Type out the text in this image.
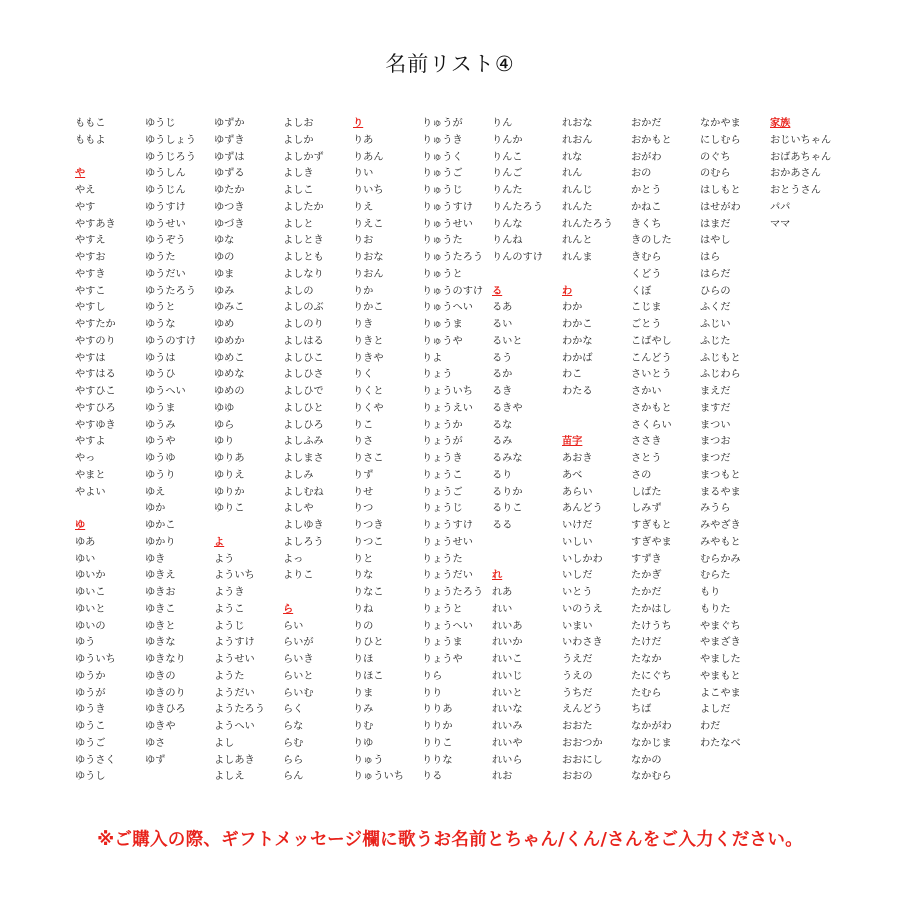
名前リスト④
ももこ
ももよ
や
やえ
やす
やすあき
やすえ
やすお
やすき
やすこ
やすし
やすたか
やすのり
やすは
やすはる
やすひこ
やすひろ
やすゆき
やすよ
やっ
やまと
やよい
ゆ
ゆあ
ゆい
ゆいか
ゆいこ
ゆいと
ゆいの
ゆう
ゆういち
ゆうか
ゆうが
ゆうき
ゆうこ
ゆうご
ゆうさく
ゆうし
ゆうじ
ゆうしょう
ゆうじろう
ゆうしん
ゆうじん
ゆうすけ
ゆうせい
ゆうぞう
ゆうた
ゆうだい
ゆうたろう
ゆうと
ゆうな
ゆうのすけ
ゆうは
ゆうひ
ゆうへい
ゆうま
ゆうみ
ゆうや
ゆうゆ
ゆうり
ゆえ
ゆか
ゆかこ
ゆかり
ゆき
ゆきえ
ゆきお
ゆきこ
ゆきと
ゆきな
ゆきなり
ゆきの
ゆきのり
ゆきひろ
ゆきや
ゆさ
ゆず
ゆずか
ゆずき
ゆずは
ゆずる
ゆたか
ゆつき
ゆづき
ゆな
ゆの
ゆま
ゆみ
ゆみこ
ゆめ
ゆめか
ゆめこ
ゆめな
ゆめの
ゆゆ
ゆら
ゆり
ゆりあ
ゆりえ
ゆりか
ゆりこ
よ
よう
よういち
ようき
ようこ
ようじ
ようすけ
ようせい
ようた
ようだい
ようたろう
ようへい
よし
よしあき
よしえ
よしお
よしか
よしかず
よしき
よしこ
よしたか
よしと
よしとき
よしとも
よしなり
よしの
よしのぶ
よしのり
よしはる
よしひこ
よしひさ
よしひで
よしひと
よしひろ
よしふみ
よしまさ
よしみ
よしむね
よしや
よしゆき
よしろう
よっ
よりこ
ら
らい
らいが
らいき
らいと
らいむ
らく
らな
らむ
らら
らん
り
りあ
りあん
りい
りいち
りえ
りえこ
りお
りおな
りおん
りか
りかこ
りき
りきと
りきや
りく
りくと
りくや
りこ
りさ
りさこ
りず
りせ
りつ
りつき
りつこ
りと
りな
りなこ
りね
りの
りひと
りほ
りほこ
りま
りみ
りむ
りゆ
りゅう
りゅういち
りゅうが
りゅうき
りゅうく
りゅうご
りゅうじ
りゅうすけ
りゅうせい
りゅうた
りゅうたろう
りゅうと
りゅうのすけ
りゅうへい
りゅうま
りゅうや
りよ
りょう
りょういち
りょうえい
りょうか
りょうが
りょうき
りょうこ
りょうご
りょうじ
りょうすけ
りょうせい
りょうた
りょうだい
りょうたろう
りょうと
りょうへい
りょうま
りょうや
りら
りり
りりあ
りりか
りりこ
りりな
りる
りん
りんか
りんこ
りんご
りんた
りんたろう
りんな
りんね
りんのすけ
る
るあ
るい
るいと
るう
るか
るき
るきや
るな
るみ
るみな
るり
るりか
るりこ
るる
れ
れあ
れい
れいあ
れいか
れいこ
れいじ
れいと
れいな
れいみ
れいや
れいら
れお
れおな
れおん
れな
れん
れんじ
れんた
れんたろう
れんと
れんま
わ
わか
わかこ
わかな
わかば
わこ
わたる
苗字
あおき
あべ
あらい
あんどう
いけだ
いしい
いしかわ
いしだ
いとう
いのうえ
いまい
いわさき
うえだ
うえの
うちだ
えんどう
おおた
おおつか
おおにし
おおの
おかだ
おかもと
おがわ
おの
かとう
かねこ
きくち
きのした
きむら
くどう
くぼ
こじま
ごとう
こばやし
こんどう
さいとう
さかい
さかもと
さくらい
ささき
さとう
さの
しばた
しみず
すぎもと
すぎやま
すずき
たかぎ
たかだ
たかはし
たけうち
たけだ
たなか
たにぐち
たむら
ちば
なかがわ
なかじま
なかの
なかむら
なかやま
にしむら
のぐち
のむら
はしもと
はせがわ
はまだ
はやし
はら
はらだ
ひらの
ふくだ
ふじい
ふじた
ふじもと
ふじわら
まえだ
ますだ
まつい
まつお
まつだ
まつもと
まるやま
みうら
みやざき
みやもと
むらかみ
むらた
もり
もりた
やまぐち
やまざき
やました
やまもと
よこやま
よしだ
わだ
わたなべ
家族
おじいちゃん
おばあちゃん
おかあさん
おとうさん
パパ
ママ
※ご購入の際、ギフトメッセージ欄に歌うお名前とちゃん/くん/さんをご入力ください。
